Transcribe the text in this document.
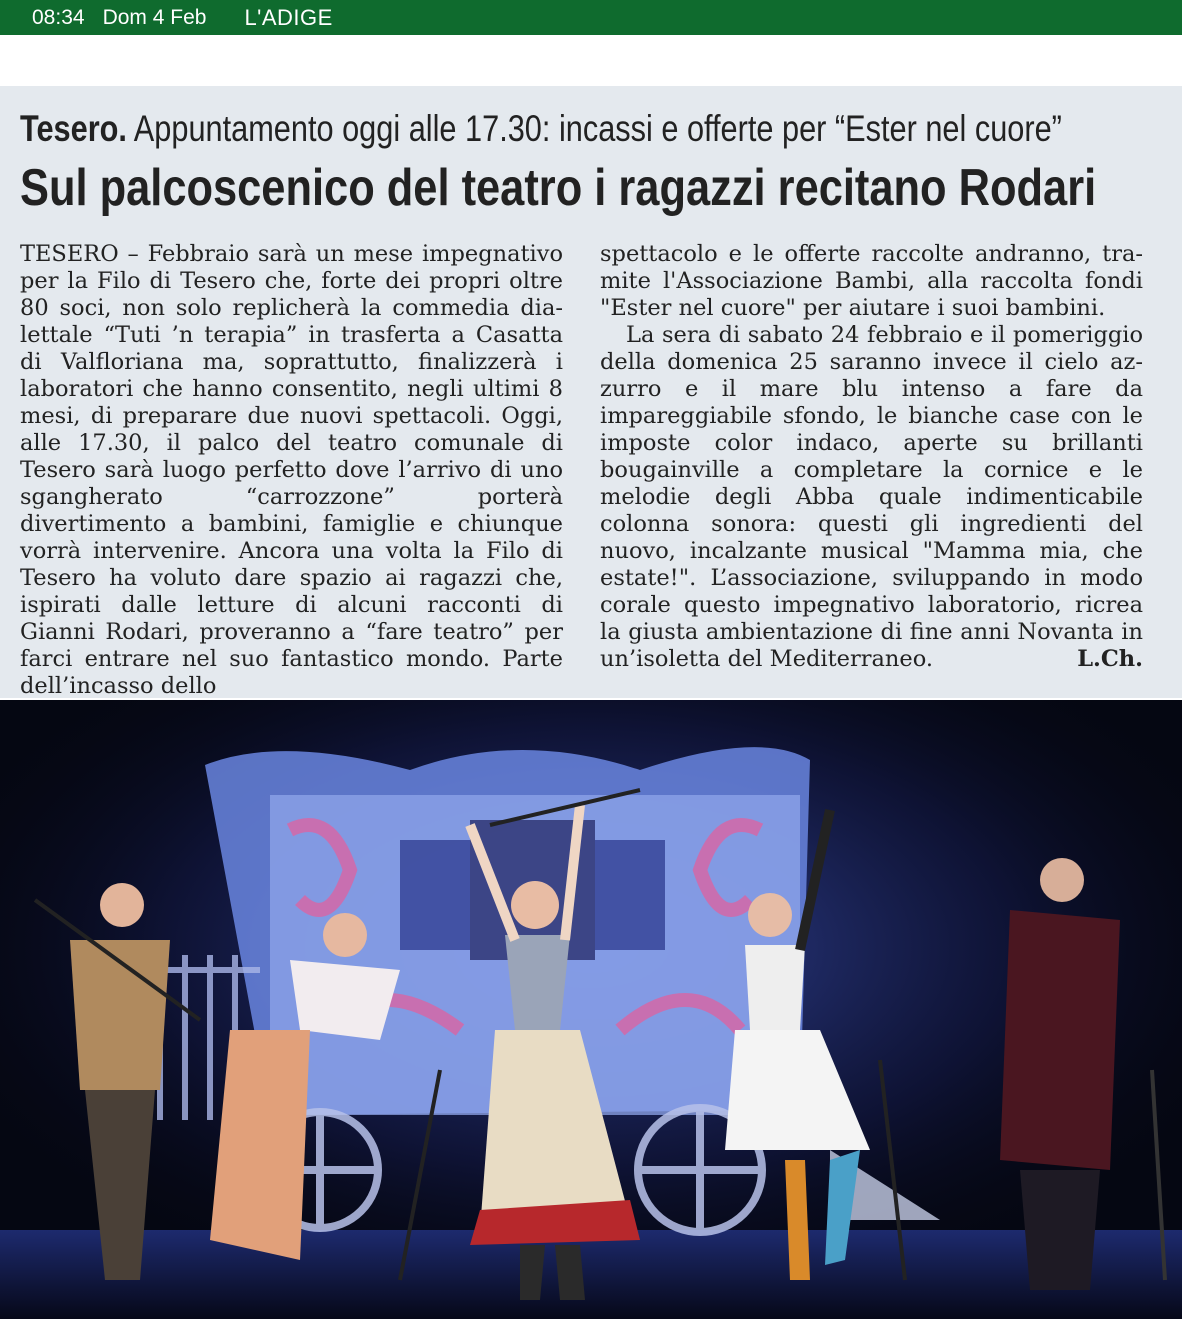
08:34 Dom 4 Feb L'ADIGE
Tesero. Appuntamento oggi alle 17.30: incassi e offerte per “Ester nel cuore”
Sul palcoscenico del teatro i ragazzi recitano Rodari

TESERO – Febbraio sarà un mese impegnativo per la Filo di Tesero che, forte dei propri oltre 80 soci, non solo replicherà la commedia dialettale “Tuti ’n terapia” in trasferta a Casatta di Valfloriana ma, soprattutto, finalizzerà i laboratori che hanno consentito, negli ultimi 8 mesi, di preparare due nuovi spettacoli. Oggi, alle 17.30, il palco del teatro comunale di Tesero sarà luogo perfetto dove l’arrivo di uno sgangherato “carrozzone” porterà divertimento a bambini, famiglie e chiunque vorrà intervenire. Ancora una volta la Filo di Tesero ha voluto dare spazio ai ragazzi che, ispirati dalle letture di alcuni racconti di Gianni Rodari, proveranno a “fare teatro” per farci entrare nel suo fantastico mondo. Parte dell’incasso dello

spettacolo e le offerte raccolte andranno, tramite l'Associazione Bambi, alla raccolta fondi "Ester nel cuore" per aiutare i suoi bambini.

La sera di sabato 24 febbraio e il pomeriggio della domenica 25 saranno invece il cielo azzurro e il mare blu intenso a fare da impareggiabile sfondo, le bianche case con le imposte color indaco, aperte su brillanti bougainville a completare la cornice e le melodie degli Abba quale indimenticabile colonna sonora: questi gli ingredienti del nuovo, incalzante musical "Mamma mia, che estate!". L’associazione, sviluppando in modo corale questo impegnativo laboratorio, ricrea la giusta ambientazione di fine anni Novanta in un’isoletta del Mediterraneo.	L.Ch.
